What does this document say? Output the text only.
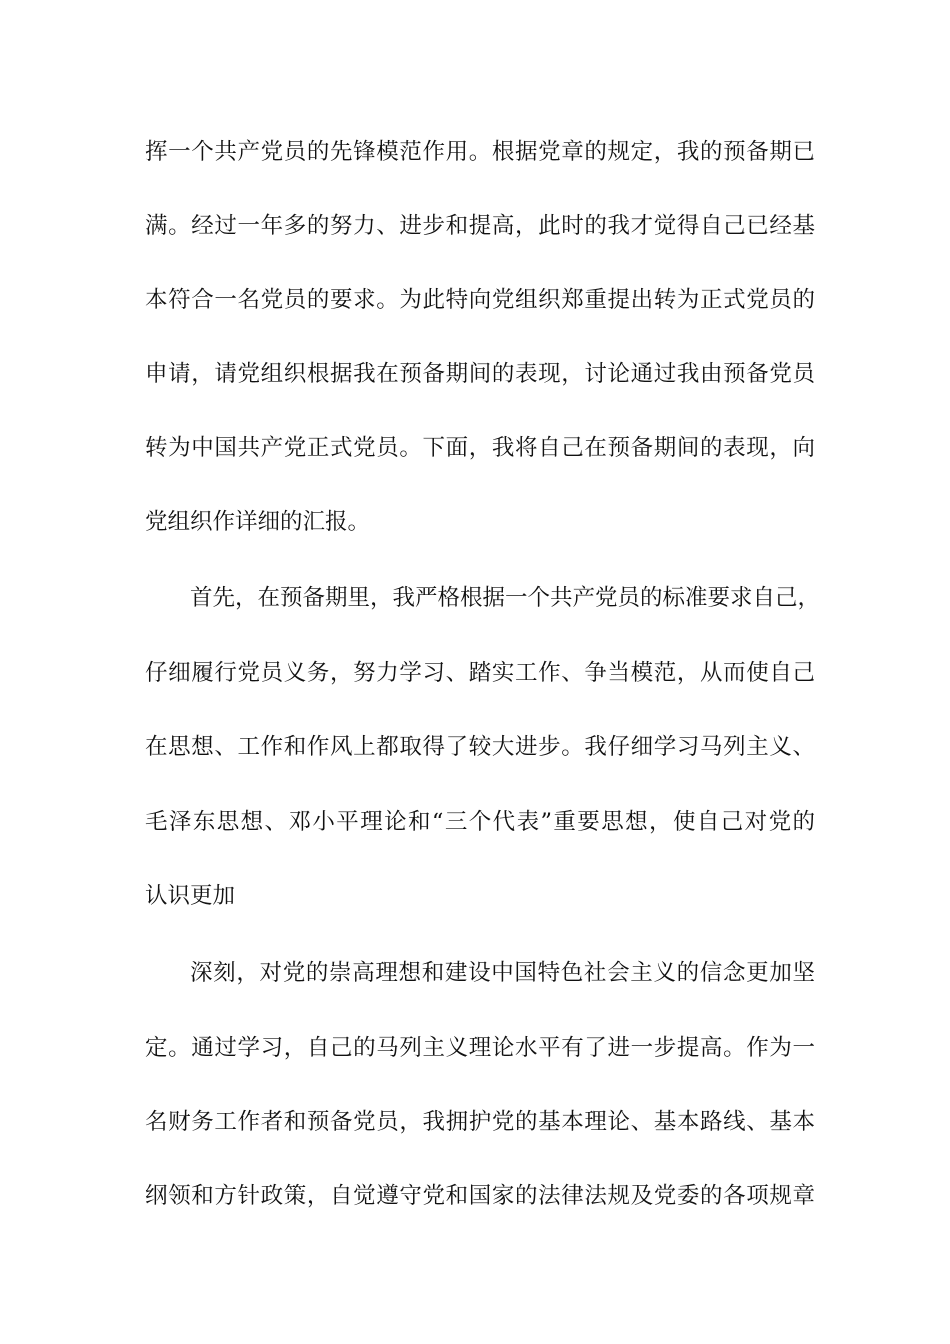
挥一个共产党员的先锋模范作用。根据党章的规定，我的预备期已
满。经过一年多的努力、进步和提高，此时的我才觉得自己已经基
本符合一名党员的要求。为此特向党组织郑重提出转为正式党员的
申请，请党组织根据我在预备期间的表现，讨论通过我由预备党员
转为中国共产党正式党员。下面，我将自己在预备期间的表现，向
党组织作详细的汇报。
首先，在预备期里，我严格根据一个共产党员的标准要求自己，
仔细履行党员义务，努力学习、踏实工作、争当模范，从而使自己
在思想、工作和作风上都取得了较大进步。我仔细学习马列主义、
毛泽东思想、邓小平理论和“三个代表”重要思想，使自己对党的
认识更加
深刻，对党的崇高理想和建设中国特色社会主义的信念更加坚
定。通过学习，自己的马列主义理论水平有了进一步提高。作为一
名财务工作者和预备党员，我拥护党的基本理论、基本路线、基本
纲领和方针政策，自觉遵守党和国家的法律法规及党委的各项规章
